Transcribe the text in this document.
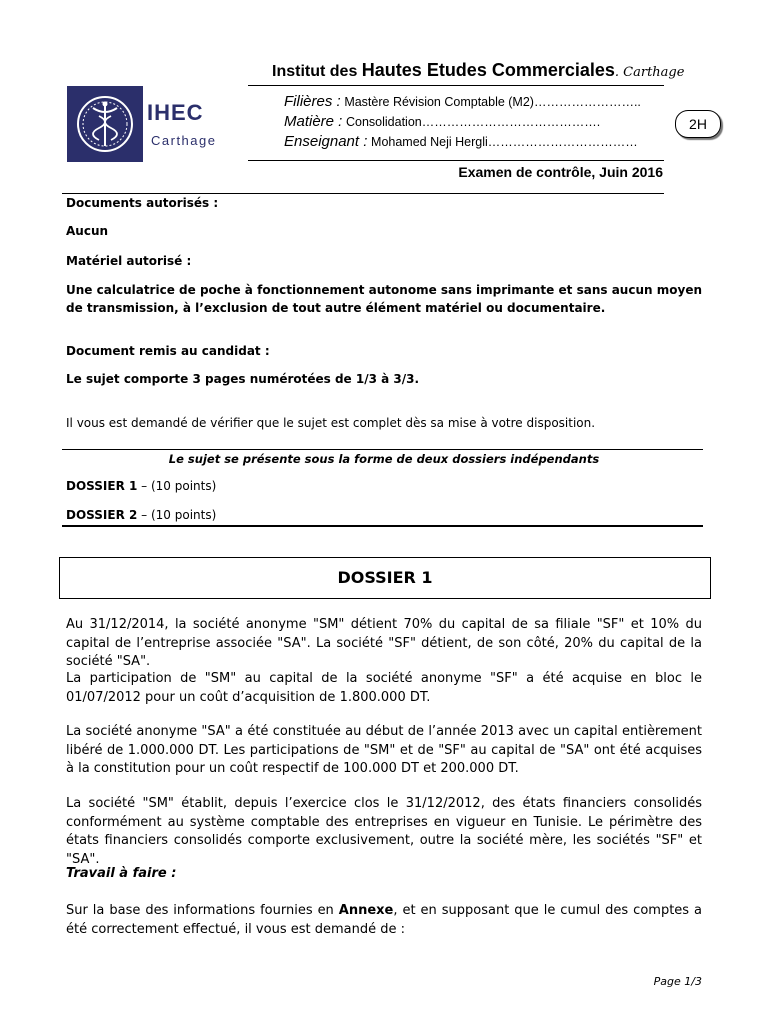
Institut des Hautes Etudes Commerciales. Carthage
IHEC
Carthage
Filières : Mastère Révision Comptable (M2)……………………..
Matière : Consolidation…………………………………….
Enseignant : Mohamed Neji Hergli………………………………
2H
Examen de contrôle, Juin 2016
Documents autorisés :
Aucun
Matériel autorisé :
Une calculatrice de poche à fonctionnement autonome sans imprimante et sans aucun moyen de transmission, à l’exclusion de tout autre élément matériel ou documentaire.
Document remis au candidat :
Le sujet comporte 3 pages numérotées de 1/3 à 3/3.
Il vous est demandé de vérifier que le sujet est complet dès sa mise à votre disposition.
Le sujet se présente sous la forme de deux dossiers indépendants
DOSSIER 1 – (10 points)
DOSSIER 2 – (10 points)
DOSSIER 1
Au 31/12/2014, la société anonyme "SM" détient 70% du capital de sa filiale "SF" et 10% du capital de l’entreprise associée "SA". La société "SF" détient, de son côté, 20% du capital de la société "SA".
La participation de "SM" au capital de la société anonyme "SF" a été acquise en bloc le 01/07/2012 pour un coût d’acquisition de 1.800.000 DT.
La société anonyme "SA" a été constituée au début de l’année 2013 avec un capital entièrement libéré de 1.000.000 DT. Les participations de "SM" et de "SF" au capital de "SA" ont été acquises à la constitution pour un coût respectif de 100.000 DT et 200.000 DT.
La société "SM" établit, depuis l’exercice clos le 31/12/2012, des états financiers consolidés conformément au système comptable des entreprises en vigueur en Tunisie. Le périmètre des états financiers consolidés comporte exclusivement, outre la société mère, les sociétés "SF" et "SA".
Travail à faire :
Sur la base des informations fournies en Annexe, et en supposant que le cumul des comptes a été correctement effectué, il vous est demandé de :
Page 1/3
